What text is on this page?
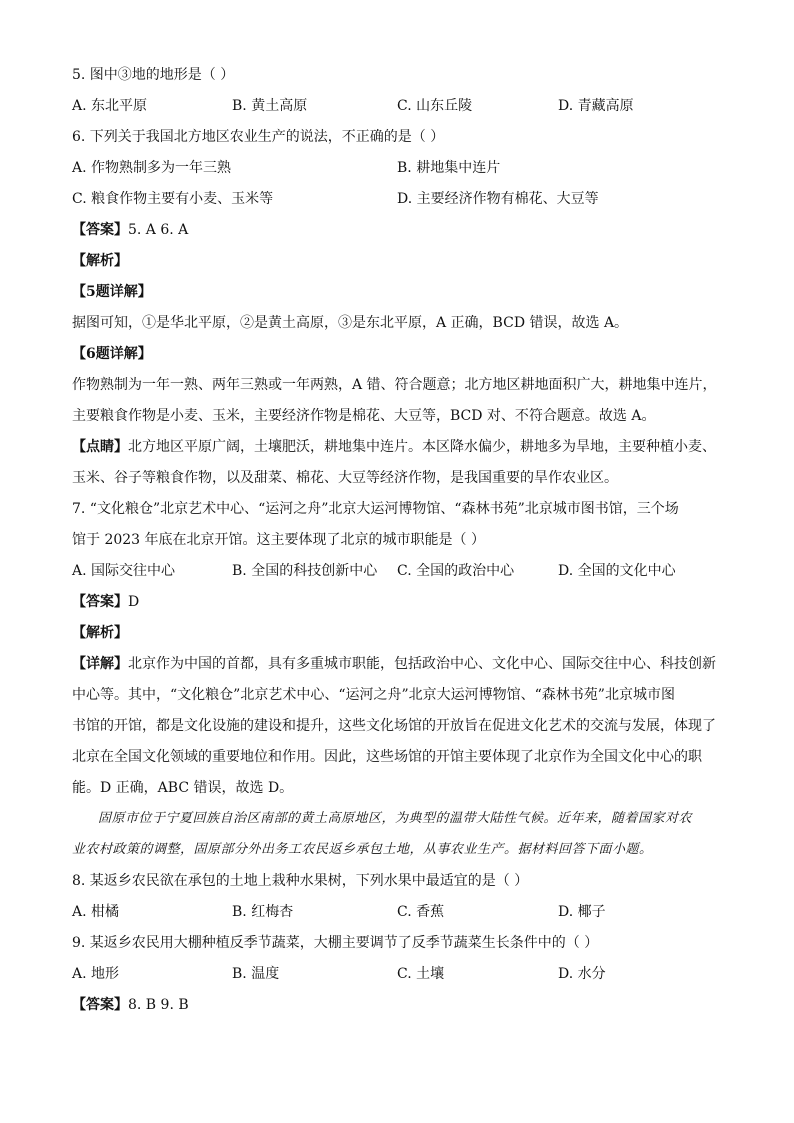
5. 图中③地的地形是（ ）
A. 东北平原	B. 黄土高原	C. 山东丘陵	D. 青藏高原
6. 下列关于我国北方地区农业生产的说法，不正确的是（ ）
A. 作物熟制多为一年三熟	B. 耕地集中连片
C. 粮食作物主要有小麦、玉米等	D. 主要经济作物有棉花、大豆等
【答案】5. A 6. A
【解析】
【5题详解】
据图可知，①是华北平原，②是黄土高原，③是东北平原，A 正确，BCD 错误，故选 A。
【6题详解】
作物熟制为一年一熟、两年三熟或一年两熟，A 错、符合题意；北方地区耕地面积广大，耕地集中连片，
主要粮食作物是小麦、玉米，主要经济作物是棉花、大豆等，BCD 对、不符合题意。故选 A。
【点睛】北方地区平原广阔，土壤肥沃，耕地集中连片。本区降水偏少，耕地多为旱地，主要种植小麦、
玉米、谷子等粮食作物，以及甜菜、棉花、大豆等经济作物，是我国重要的旱作农业区。
7. “文化粮仓”北京艺术中心、“运河之舟”北京大运河博物馆、“森林书苑”北京城市图书馆，三个场
馆于 2023 年底在北京开馆。这主要体现了北京的城市职能是（ ）
A. 国际交往中心	B. 全国的科技创新中心 C. 全国的政治中心	D. 全国的文化中心
【答案】D
【解析】
【详解】北京作为中国的首都，具有多重城市职能，包括政治中心、文化中心、国际交往中心、科技创新
中心等。其中，“文化粮仓”北京艺术中心、“运河之舟”北京大运河博物馆、“森林书苑”北京城市图
书馆的开馆，都是文化设施的建设和提升，这些文化场馆的开放旨在促进文化艺术的交流与发展，体现了
北京在全国文化领域的重要地位和作用。因此，这些场馆的开馆主要体现了北京作为全国文化中心的职
能。D 正确，ABC 错误，故选 D。
固原市位于宁夏回族自治区南部的黄土高原地区，为典型的温带大陆性气候。近年来，随着国家对农
业农村政策的调整，固原部分外出务工农民返乡承包土地，从事农业生产。据材料回答下面小题。
8. 某返乡农民欲在承包的土地上栽种水果树，下列水果中最适宜的是（ ）
A. 柑橘	B. 红梅杏	C. 香蕉	D. 椰子
9. 某返乡农民用大棚种植反季节蔬菜，大棚主要调节了反季节蔬菜生长条件中的（ ）
A. 地形	B. 温度	C. 土壤	D. 水分
【答案】8. B 9. B
